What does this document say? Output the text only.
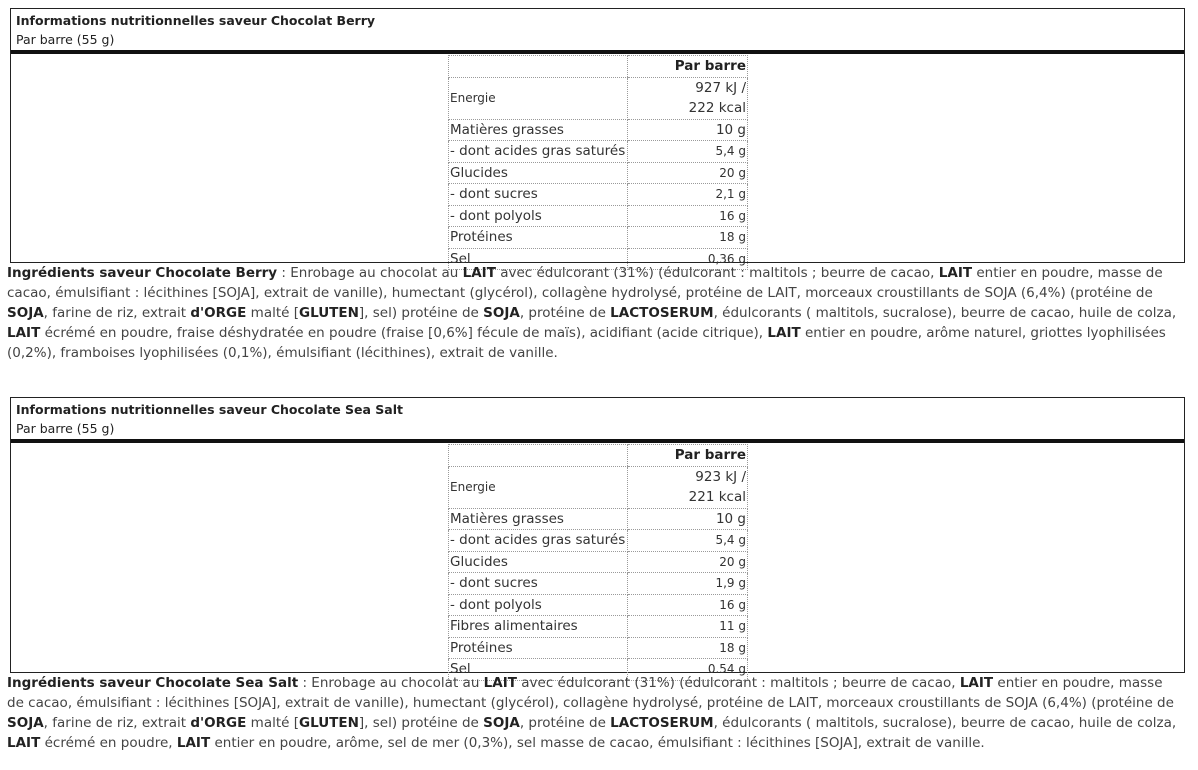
Informations nutritionnelles saveur Chocolat Berry
Par barre (55 g)
	Par barre
Energie	927 kJ /
222 kcal

Matières grasses	10 g
- dont acides gras saturés	5,4 g
Glucides	20 g
- dont sucres	2,1 g
- dont polyols	16 g
Protéines	18 g
Sel	0,36 g
Ingrédients saveur Chocolate Berry : Enrobage au chocolat au LAIT avec édulcorant (31%) (édulcorant : maltitols ; beurre de cacao, LAIT entier en poudre, masse de cacao, émulsifiant : lécithines [SOJA], extrait de vanille), humectant (glycérol), collagène hydrolysé, protéine de LAIT, morceaux croustillants de SOJA (6,4%) (protéine de SOJA, farine de riz, extrait d'ORGE malté [GLUTEN], sel) protéine de SOJA, protéine de LACTOSERUM, édulcorants ( maltitols, sucralose), beurre de cacao, huile de colza, LAIT écrémé en poudre, fraise déshydratée en poudre (fraise [0,6%] fécule de maïs), acidifiant (acide citrique), LAIT entier en poudre, arôme naturel, griottes lyophilisées (0,2%), framboises lyophilisées (0,1%), émulsifiant (lécithines), extrait de vanille.
Informations nutritionnelles saveur Chocolate Sea Salt
Par barre (55 g)
	Par barre
Energie	923 kJ /
221 kcal

Matières grasses	10 g
- dont acides gras saturés	5,4 g
Glucides	20 g
- dont sucres	1,9 g
- dont polyols	16 g
Fibres alimentaires	11 g
Protéines	18 g
Sel	0.54 g
Ingrédients saveur Chocolate Sea Salt : Enrobage au chocolat au LAIT avec édulcorant (31%) (édulcorant : maltitols ; beurre de cacao, LAIT entier en poudre, masse de cacao, émulsifiant : lécithines [SOJA], extrait de vanille), humectant (glycérol), collagène hydrolysé, protéine de LAIT, morceaux croustillants de SOJA (6,4%) (protéine de SOJA, farine de riz, extrait d'ORGE malté [GLUTEN], sel) protéine de SOJA, protéine de LACTOSERUM, édulcorants ( maltitols, sucralose), beurre de cacao, huile de colza, LAIT écrémé en poudre, LAIT entier en poudre, arôme, sel de mer (0,3%), sel masse de cacao, émulsifiant : lécithines [SOJA], extrait de vanille.
